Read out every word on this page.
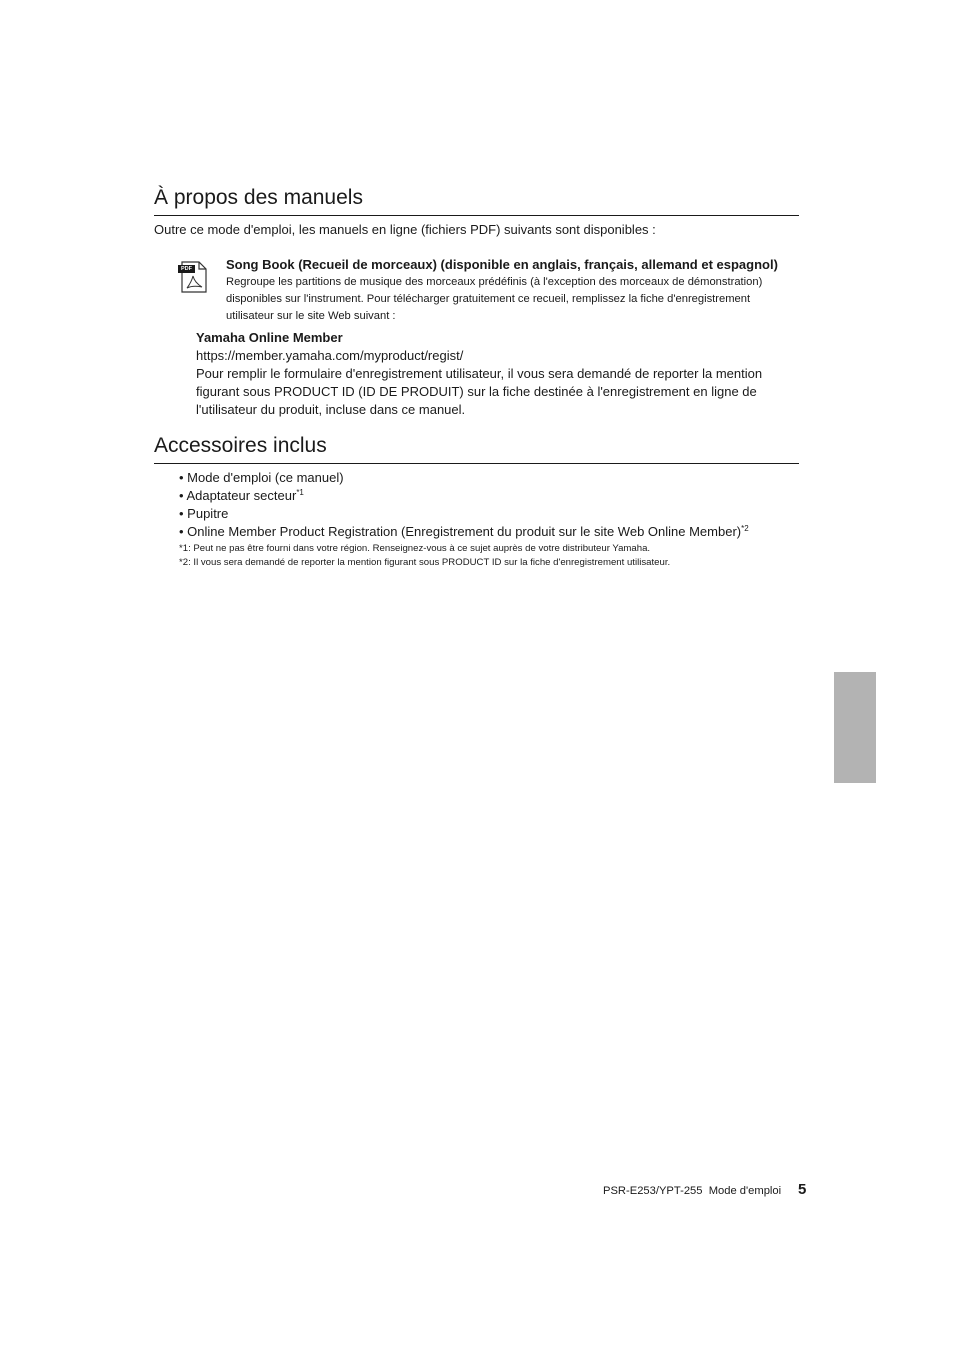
À propos des manuels
Outre ce mode d'emploi, les manuels en ligne (fichiers PDF) suivants sont disponibles :
PDF	Song Book (Recueil de morceaux) (disponible en anglais, français, allemand et espagnol)
Regroupe les partitions de musique des morceaux prédéfinis (à l'exception des morceaux de démonstration)
disponibles sur l'instrument. Pour télécharger gratuitement ce recueil, remplissez la fiche d'enregistrement
utilisateur sur le site Web suivant :
Yamaha Online Member
https://member.yamaha.com/myproduct/regist/
Pour remplir le formulaire d'enregistrement utilisateur, il vous sera demandé de reporter la mention
figurant sous PRODUCT ID (ID DE PRODUIT) sur la fiche destinée à l'enregistrement en ligne de
l'utilisateur du produit, incluse dans ce manuel.
Accessoires inclus
• Mode d'emploi (ce manuel)
• Adaptateur secteur$^{*1}$
• Pupitre
• Online Member Product Registration (Enregistrement du produit sur le site Web Online Member)$^{*2}$
*1: Peut ne pas être fourni dans votre région. Renseignez-vous à ce sujet auprès de votre distributeur Yamaha.
*2: Il vous sera demandé de reporter la mention figurant sous PRODUCT ID sur la fiche d'enregistrement utilisateur.
PSR-E253/YPT-255 Mode d'emploi 5
